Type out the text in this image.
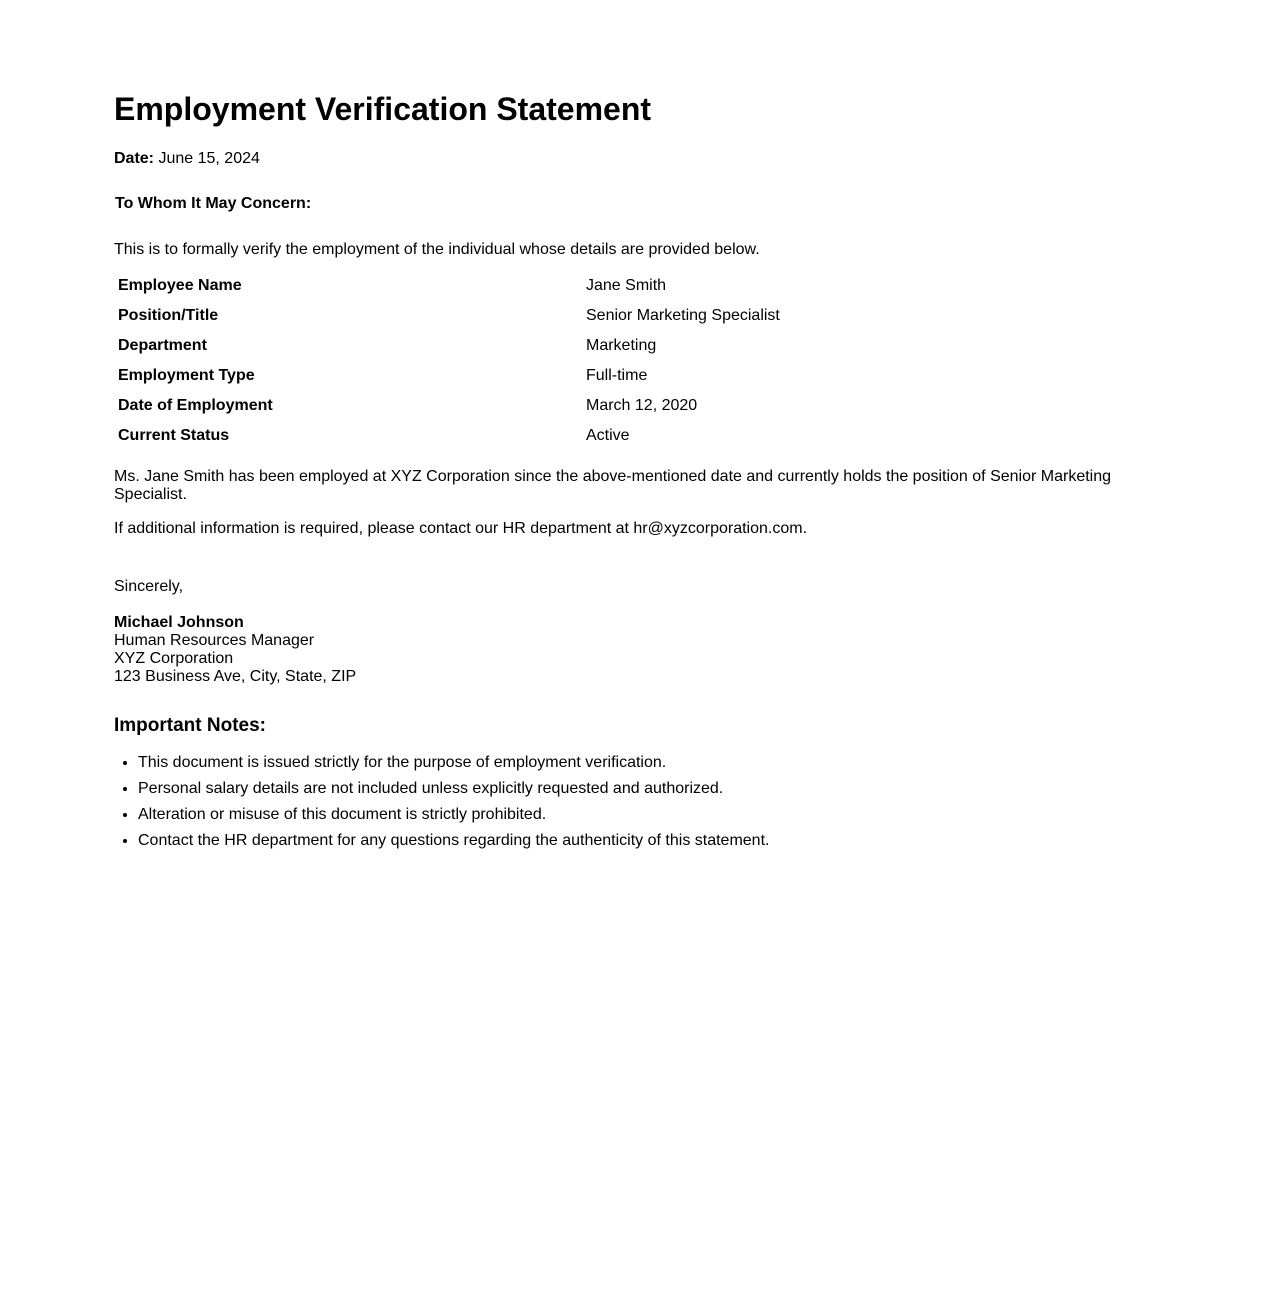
Employment Verification Statement

Date: June 15, 2024

To Whom It May Concern:

This is to formally verify the employment of the individual whose details are provided below.

Employee Name	Jane Smith
Position/Title	Senior Marketing Specialist
Department	Marketing
Employment Type	Full-time
Date of Employment	March 12, 2020
Current Status	Active

Ms. Jane Smith has been employed at XYZ Corporation since the above-mentioned date and currently holds the position of Senior Marketing Specialist.

If additional information is required, please contact our HR department at hr@xyzcorporation.com.

Sincerely,

Michael Johnson
Human Resources Manager
XYZ Corporation
123 Business Ave, City, State, ZIP
Important Notes:
• This document is issued strictly for the purpose of employment verification.
• Personal salary details are not included unless explicitly requested and authorized.
• Alteration or misuse of this document is strictly prohibited.
• Contact the HR department for any questions regarding the authenticity of this statement.
